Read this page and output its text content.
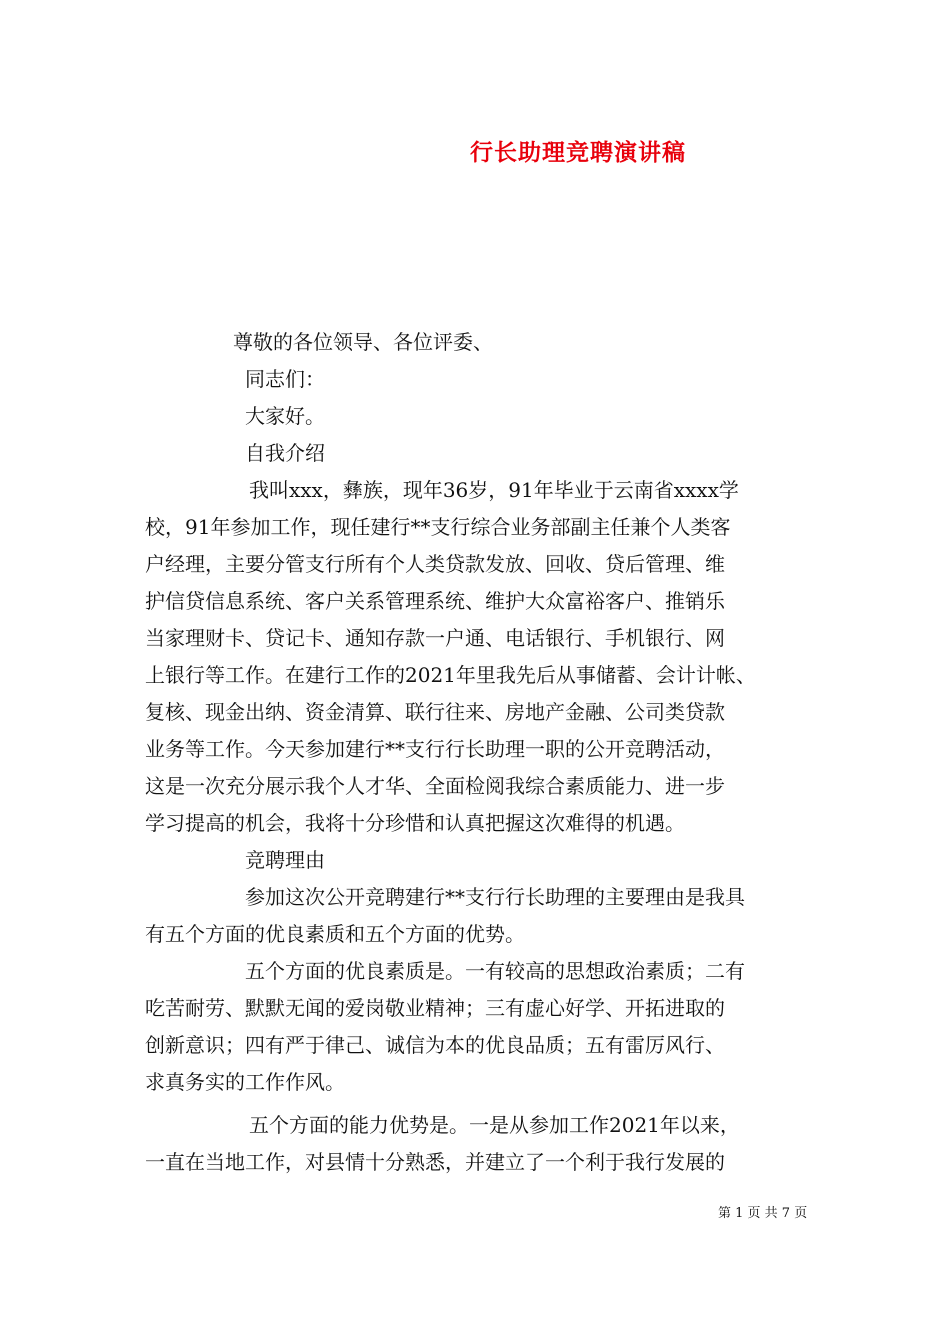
行长助理竞聘演讲稿
尊敬的各位领导、各位评委、
同志们：
大家好。
自我介绍
我叫xxx，彝族，现年36岁，91年毕业于云南省xxxx学
校，91年参加工作，现任建行**支行综合业务部副主任兼个人类客
户经理，主要分管支行所有个人类贷款发放、回收、贷后管理、维
护信贷信息系统、客户关系管理系统、维护大众富裕客户、推销乐
当家理财卡、贷记卡、通知存款一户通、电话银行、手机银行、网
上银行等工作。在建行工作的2021年里我先后从事储蓄、会计计帐、
复核、现金出纳、资金清算、联行往来、房地产金融、公司类贷款
业务等工作。今天参加建行**支行行长助理一职的公开竞聘活动，
这是一次充分展示我个人才华、全面检阅我综合素质能力、进一步
学习提高的机会，我将十分珍惜和认真把握这次难得的机遇。
竞聘理由
参加这次公开竞聘建行**支行行长助理的主要理由是我具
有五个方面的优良素质和五个方面的优势。
五个方面的优良素质是。一有较高的思想政治素质；二有
吃苦耐劳、默默无闻的爱岗敬业精神；三有虚心好学、开拓进取的
创新意识；四有严于律己、诚信为本的优良品质；五有雷厉风行、
求真务实的工作作风。
五个方面的能力优势是。一是从参加工作2021年以来，
一直在当地工作，对县情十分熟悉，并建立了一个利于我行发展的
第 1 页 共 7 页
